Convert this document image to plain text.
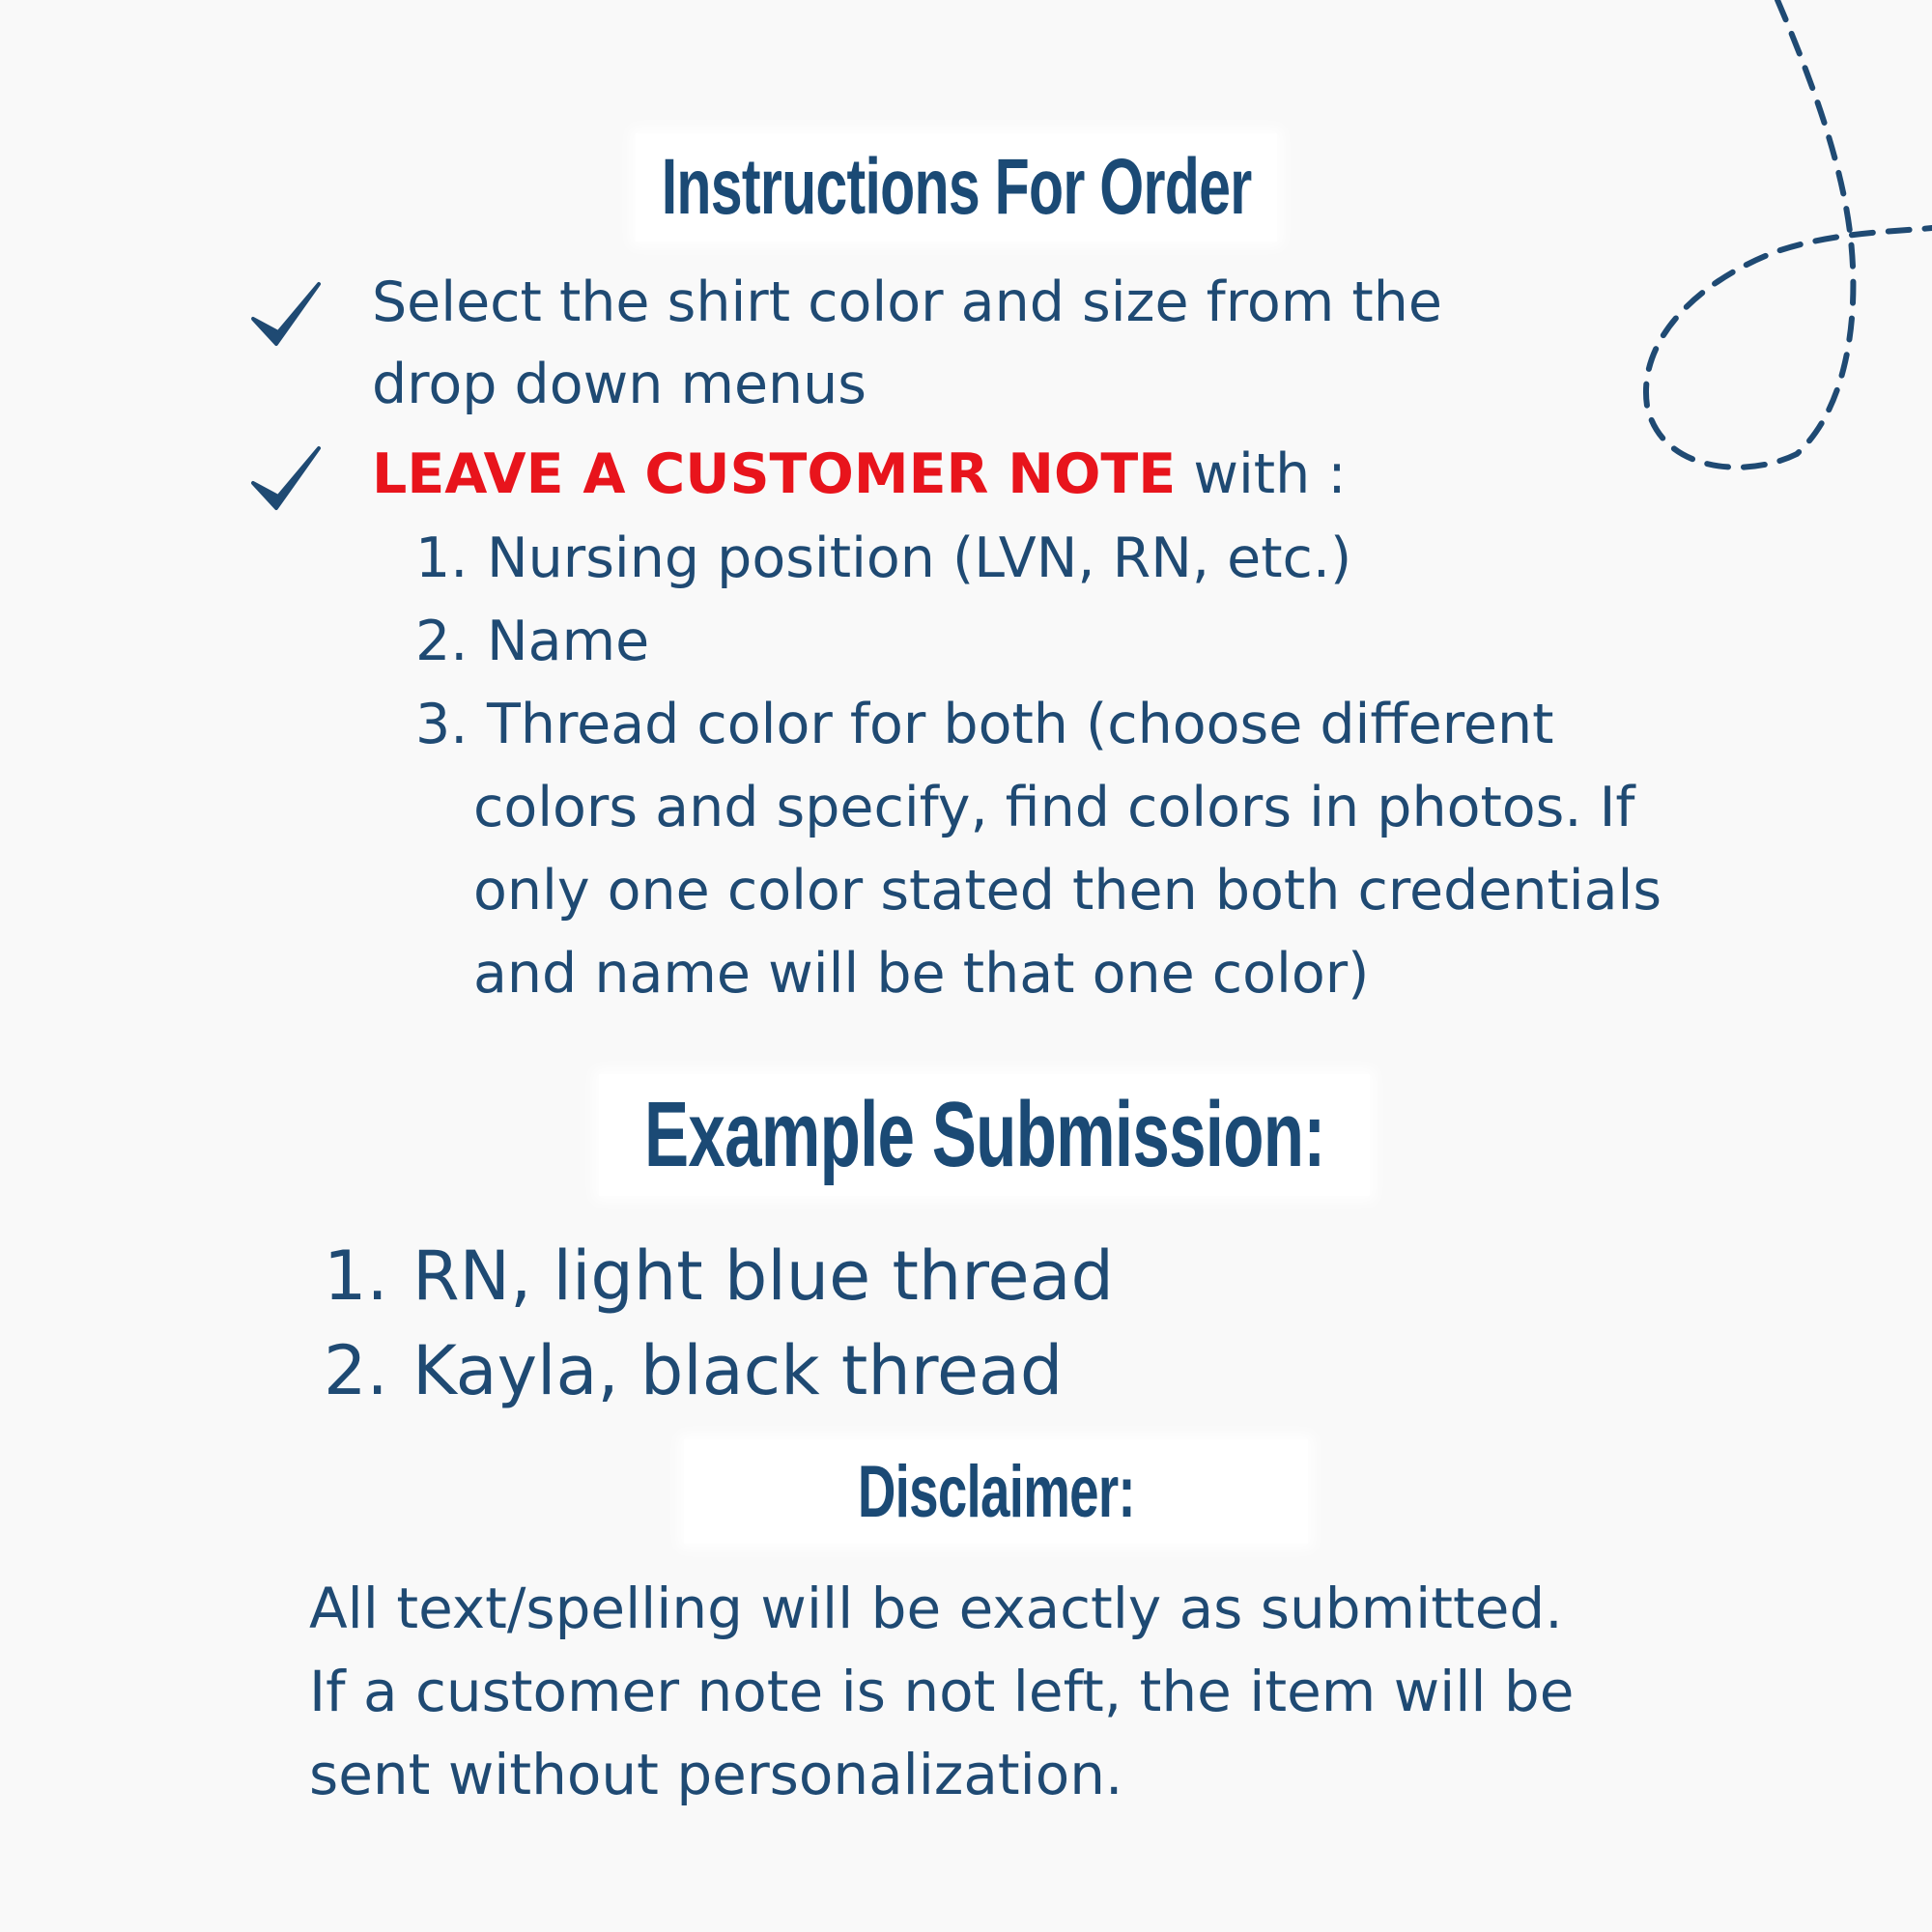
Instructions For Order
Select the shirt color and size from the
drop down menus
LEAVE A CUSTOMER NOTE with :
1. Nursing position (LVN, RN, etc.)
2. Name
3. Thread color for both (choose different
colors and specify, find colors in photos. If
only one color stated then both credentials
and name will be that one color)
Example Submission:
1. RN, light blue thread
2. Kayla, black thread
Disclaimer:
All text/spelling will be exactly as submitted.
If a customer note is not left, the item will be
sent without personalization.
